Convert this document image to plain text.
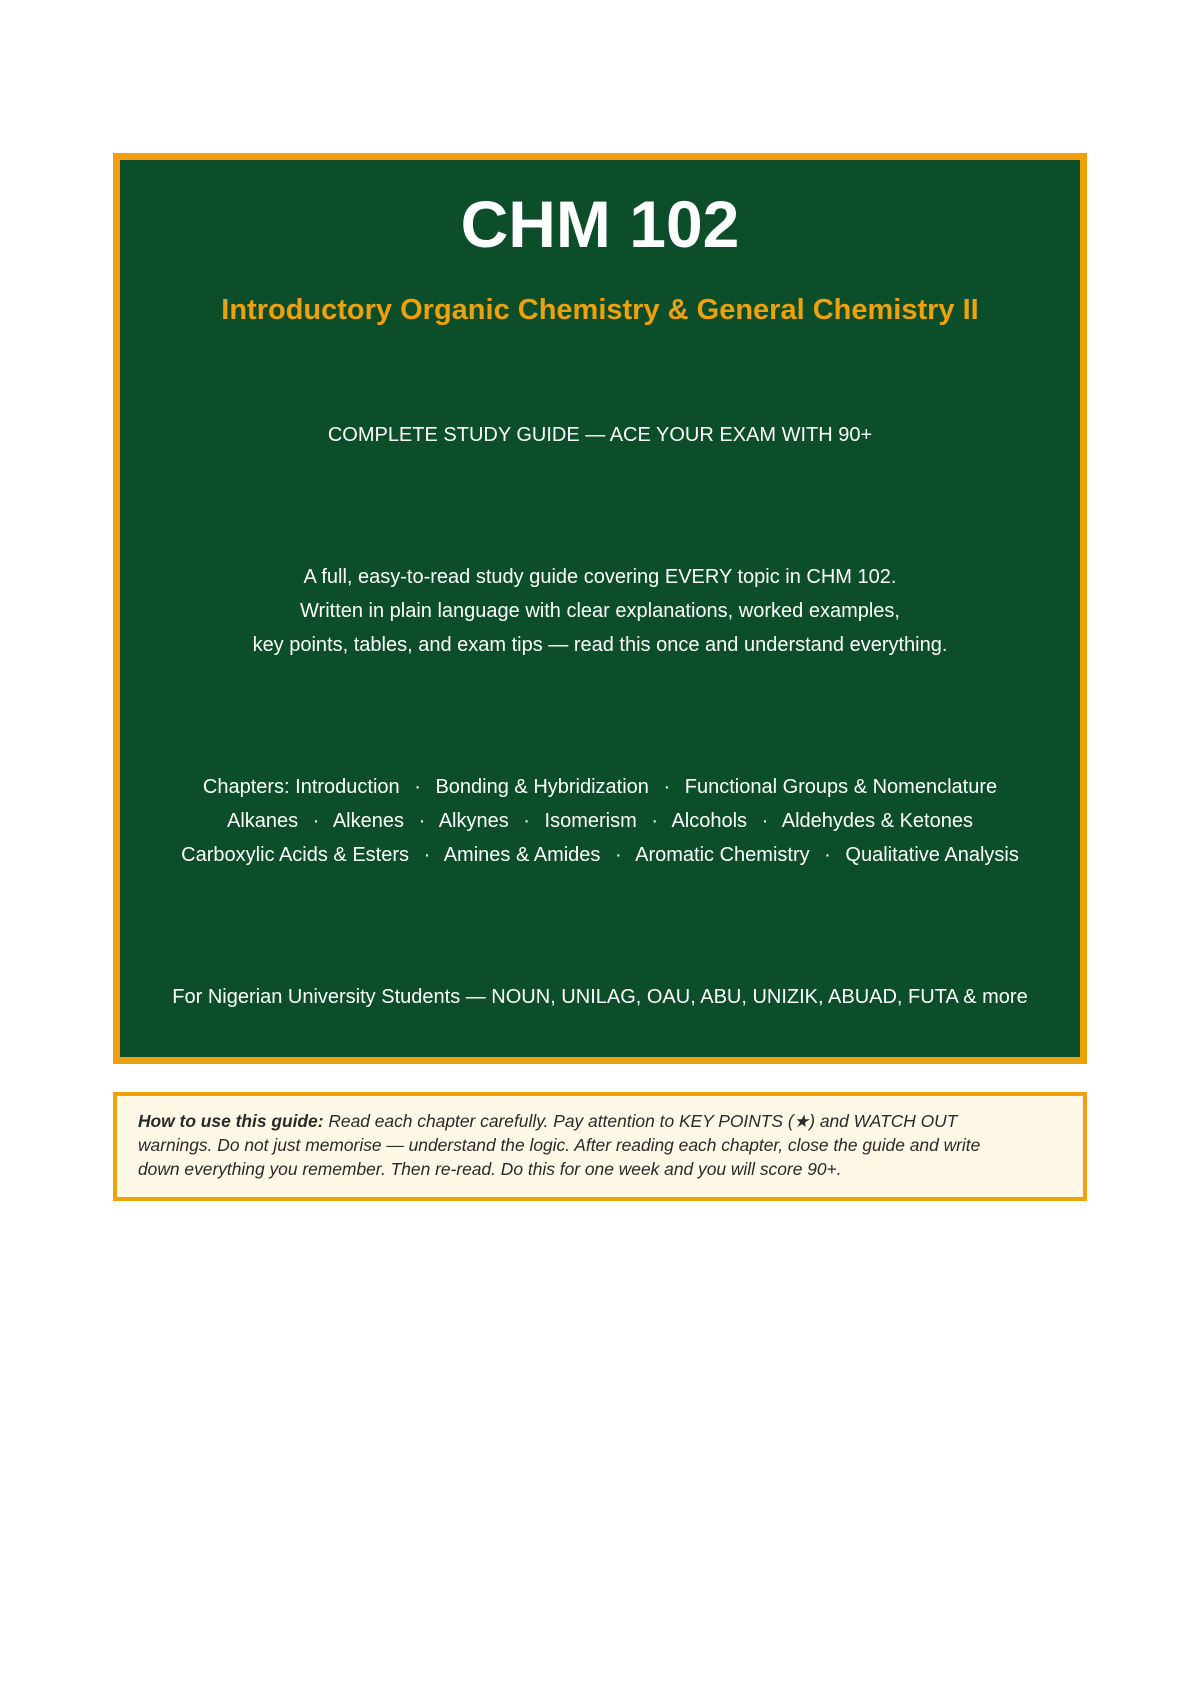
CHM 102
Introductory Organic Chemistry & General Chemistry II
COMPLETE STUDY GUIDE — ACE YOUR EXAM WITH 90+
A full, easy-to-read study guide covering EVERY topic in CHM 102.
Written in plain language with clear explanations, worked examples,
key points, tables, and exam tips — read this once and understand everything.
Chapters: Introduction · Bonding & Hybridization · Functional Groups & Nomenclature
Alkanes · Alkenes · Alkynes · Isomerism · Alcohols · Aldehydes & Ketones
Carboxylic Acids & Esters · Amines & Amides · Aromatic Chemistry · Qualitative Analysis
For Nigerian University Students — NOUN, UNILAG, OAU, ABU, UNIZIK, ABUAD, FUTA & more
How to use this guide: Read each chapter carefully. Pay attention to KEY POINTS (★) and WATCH OUT
warnings. Do not just memorise — understand the logic. After reading each chapter, close the guide and write
down everything you remember. Then re-read. Do this for one week and you will score 90+.
